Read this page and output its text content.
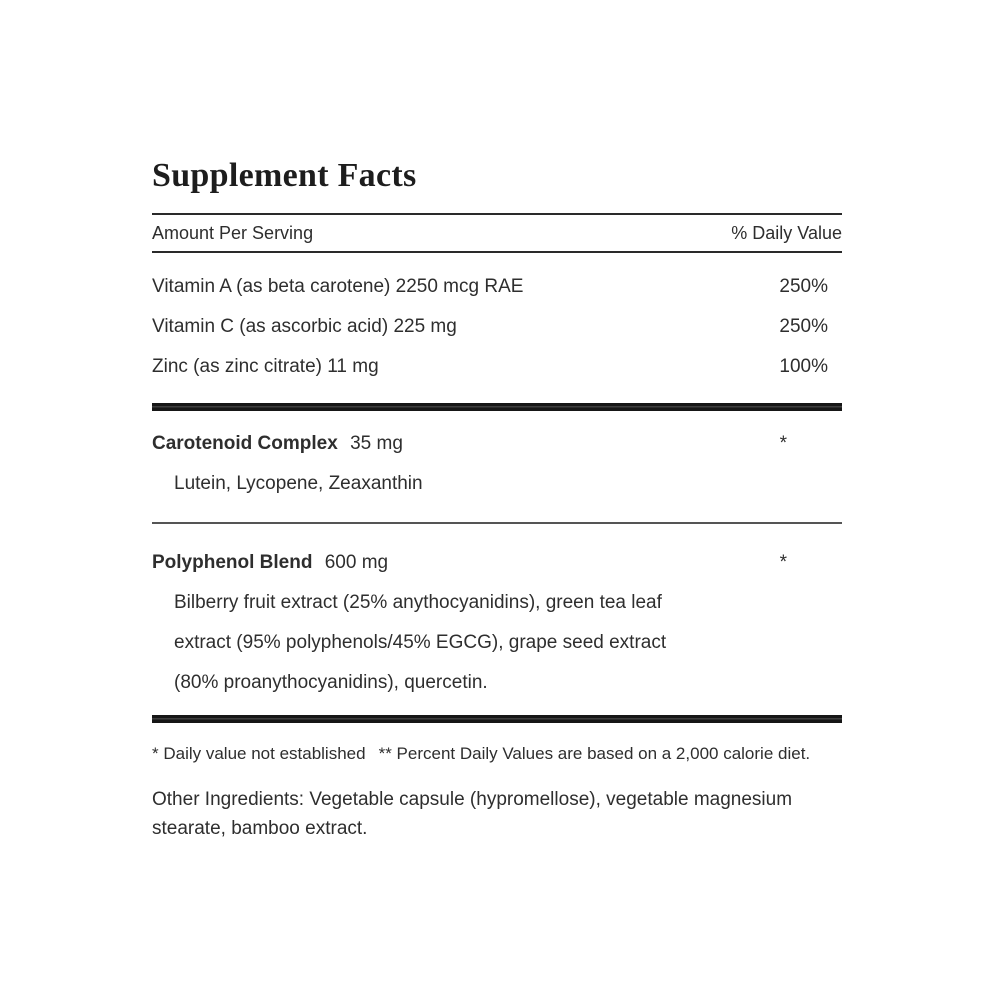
Supplement Facts
Amount Per Serving	% Daily Value
Vitamin A (as beta carotene) 2250 mcg RAE	250%
Vitamin C (as ascorbic acid) 225 mg	250%
Zinc (as zinc citrate) 11 mg	100%
Carotenoid Complex 35 mg	*
Lutein, Lycopene, Zeaxanthin
Polyphenol Blend 600 mg	*
Bilberry fruit extract (25% anythocyanidins), green tea leaf
extract (95% polyphenols/45% EGCG), grape seed extract
(80% proanythocyanidins), quercetin.
* Daily value not established ** Percent Daily Values are based on a 2,000 calorie diet.
Other Ingredients: Vegetable capsule (hypromellose), vegetable magnesium stearate, bamboo extract.
